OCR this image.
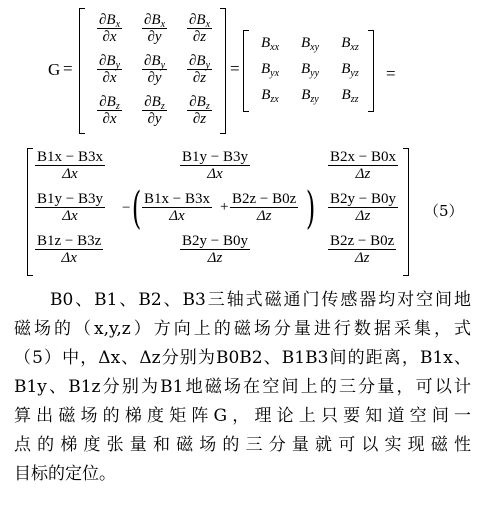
G =
$\frac{\partial B_x}{\partial x} \frac{\partial B_x}{\partial y} \frac{\partial B_x}{\partial z}$
$\frac{\partial B_y}{\partial x} \frac{\partial B_y}{\partial y} \frac{\partial B_y}{\partial z}$
$\frac{\partial B_z}{\partial x} \frac{\partial B_z}{\partial y} \frac{\partial B_z}{\partial z}$
=
$B_{xx}$ $B_{xy}$ $B_{xz}$
$B_{yx}$ $B_{yy}$ $B_{yz}$
$B_{zx}$ $B_{zy}$ $B_{zz}$
=
B1x − B3x
Δx
B1y − B3y
Δx
B2x − B0x
Δz
B1y − B3y
Δx	− ( B1x − B3x
Δx
+ B2z − B0z
Δz ) B2y − B0y
Δz
B1z − B3z
Δx
B2y − B0y
Δz
B2z − B0z
Δz
（5）
B0、B1、B2、B3三轴式磁通门传感器均对空间地
磁场的（x,y,z）方向上的磁场分量进行数据采集，式
（5）中，Δx、Δz分别为B0B2、B1B3间的距离，B1x、
B1y、B1z分别为B1地磁场在空间上的三分量，可以计
算出磁场的梯度矩阵G，理论上只要知道空间一
点的梯度张量和磁场的三分量就可以实现磁性
目标的定位。
